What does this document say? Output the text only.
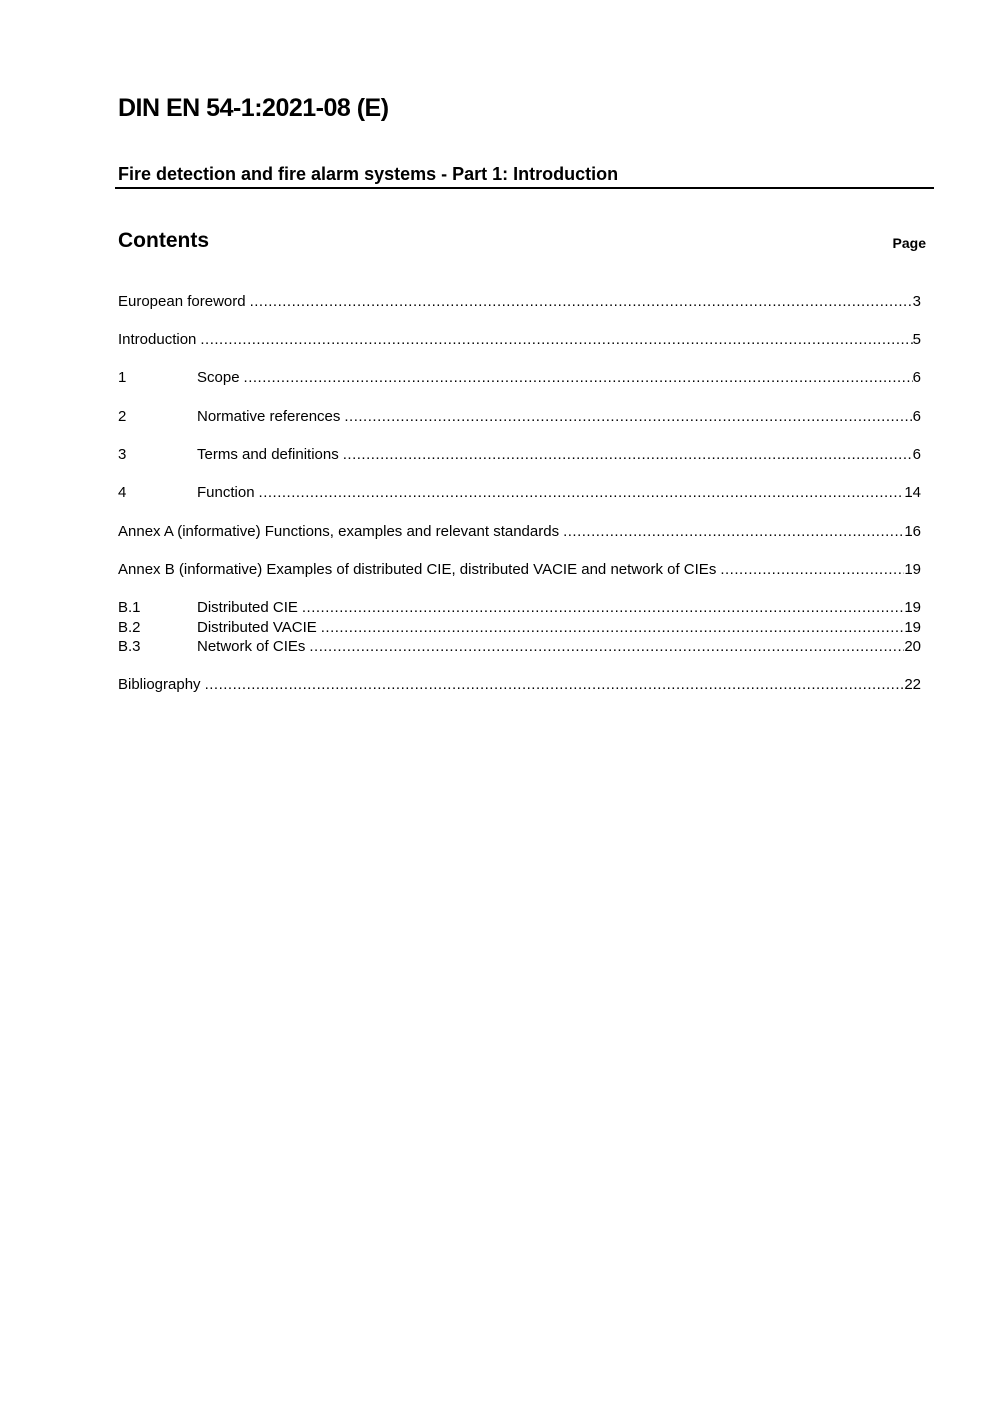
DIN EN 54-1:2021-08 (E)
Fire detection and fire alarm systems - Part 1: Introduction
Contents	Page
European foreword .....	3
Introduction .....	5
1	Scope .....	6
2	Normative references .....	6
3	Terms and definitions .....	6
4	Function .....	14
Annex A (informative) Functions, examples and relevant standards .....	16
Annex B (informative) Examples of distributed CIE, distributed VACIE and network of CIEs .....	19
B.1	Distributed CIE .....	19
B.2	Distributed VACIE .....	19
B.3	Network of CIEs .....	20
Bibliography .....	22
